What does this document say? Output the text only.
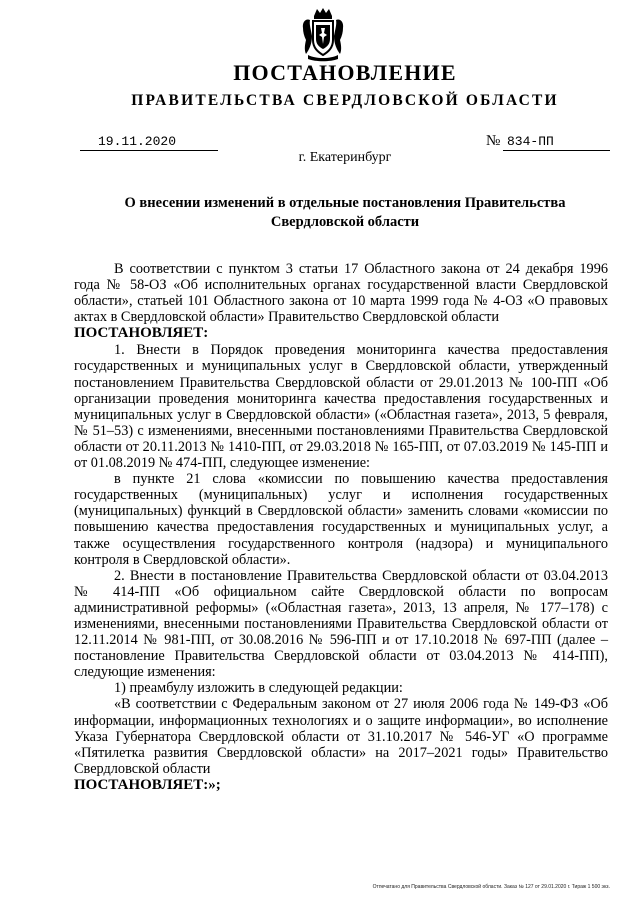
ПОСТАНОВЛЕНИЕ
ПРАВИТЕЛЬСТВА СВЕРДЛОВСКОЙ ОБЛАСТИ
19.11.2020	№ 834-ПП
г. Екатеринбург
О внесении изменений в отдельные постановления Правительства Свердловской области

В соответствии с пунктом 3 статьи 17 Областного закона от 24 декабря 1996 года № 58-ОЗ «Об исполнительных органах государственной власти Свердловской области», статьей 101 Областного закона от 10 марта 1999 года № 4-ОЗ «О правовых актах в Свердловской области» Правительство Свердловской области

ПОСТАНОВЛЯЕТ:

1. Внести в Порядок проведения мониторинга качества предоставления государственных и муниципальных услуг в Свердловской области, утвержденный постановлением Правительства Свердловской области от 29.01.2013 № 100-ПП «Об организации проведения мониторинга качества предоставления государственных и муниципальных услуг в Свердловской области» («Областная газета», 2013, 5 февраля, № 51–53) с изменениями, внесенными постановлениями Правительства Свердловской области от 20.11.2013 № 1410-ПП, от 29.03.2018 № 165-ПП, от 07.03.2019 № 145-ПП и от 01.08.2019 № 474-ПП, следующее изменение:

в пункте 21 слова «комиссии по повышению качества предоставления государственных (муниципальных) услуг и исполнения государственных (муниципальных) функций в Свердловской области» заменить словами «комиссии по повышению качества предоставления государственных и муниципальных услуг, а также осуществления государственного контроля (надзора) и муниципального контроля в Свердловской области».

2. Внести в постановление Правительства Свердловской области от 03.04.2013 № 414-ПП «Об официальном сайте Свердловской области по вопросам административной реформы» («Областная газета», 2013, 13 апреля, № 177–178) с изменениями, внесенными постановлениями Правительства Свердловской области от 12.11.2014 № 981-ПП, от 30.08.2016 № 596-ПП и от 17.10.2018 № 697-ПП (далее – постановление Правительства Свердловской области от 03.04.2013 № 414-ПП), следующие изменения:

1) преамбулу изложить в следующей редакции:

«В соответствии с Федеральным законом от 27 июля 2006 года № 149-ФЗ «Об информации, информационных технологиях и о защите информации», во исполнение Указа Губернатора Свердловской области от 31.10.2017 № 546-УГ «О программе «Пятилетка развития Свердловской области» на 2017–2021 годы» Правительство Свердловской области

ПОСТАНОВЛЯЕТ:»;

Отпечатано для Правительства Свердловской области. Заказ № 127 от 29.01.2020 г. Тираж 1 500 экз.
